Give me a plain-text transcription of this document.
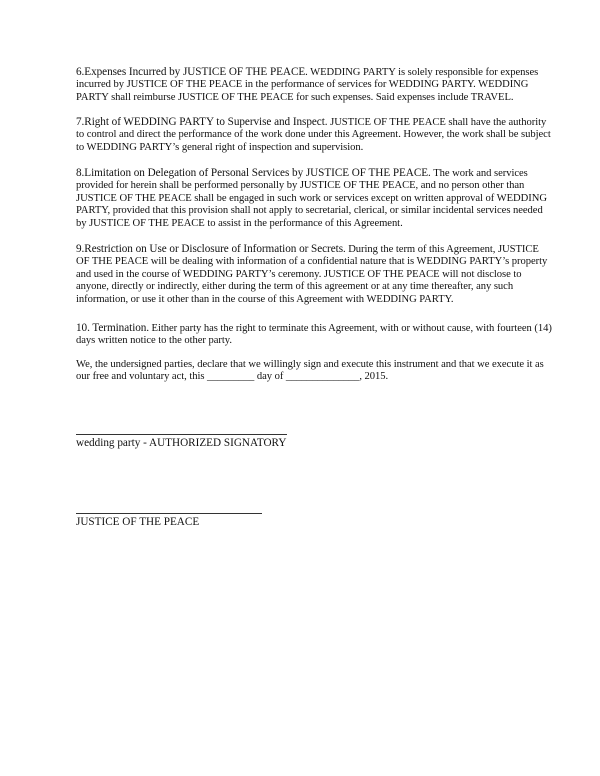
6.Expenses Incurred by JUSTICE OF THE PEACE. WEDDING PARTY is solely responsible for expenses incurred by JUSTICE OF THE PEACE in the performance of services for WEDDING PARTY. WEDDING PARTY shall reimburse JUSTICE OF THE PEACE for such expenses. Said expenses include TRAVEL.

7.Right of WEDDING PARTY to Supervise and Inspect. JUSTICE OF THE PEACE shall have the authority to control and direct the performance of the work done under this Agreement. However, the work shall be subject to WEDDING PARTY’s general right of inspection and supervision.

8.Limitation on Delegation of Personal Services by JUSTICE OF THE PEACE. The work and services provided for herein shall be performed personally by JUSTICE OF THE PEACE, and no person other than JUSTICE OF THE PEACE shall be engaged in such work or services except on written approval of WEDDING PARTY, provided that this provision shall not apply to secretarial, clerical, or similar incidental services needed by JUSTICE OF THE PEACE to assist in the performance of this Agreement.

9.Restriction on Use or Disclosure of Information or Secrets. During the term of this Agreement, JUSTICE OF THE PEACE will be dealing with information of a confidential nature that is WEDDING PARTY’s property and used in the course of WEDDING PARTY’s ceremony. JUSTICE OF THE PEACE will not disclose to anyone, directly or indirectly, either during the term of this agreement or at any time thereafter, any such information, or use it other than in the course of this Agreement with WEDDING PARTY.

10. Termination. Either party has the right to terminate this Agreement, with or without cause, with fourteen (14) days written notice to the other party.

We, the undersigned parties, declare that we willingly sign and execute this instrument and that we execute it as our free and voluntary act, this _________ day of ______________, 2015.

wedding party - AUTHORIZED SIGNATORY
JUSTICE OF THE PEACE
